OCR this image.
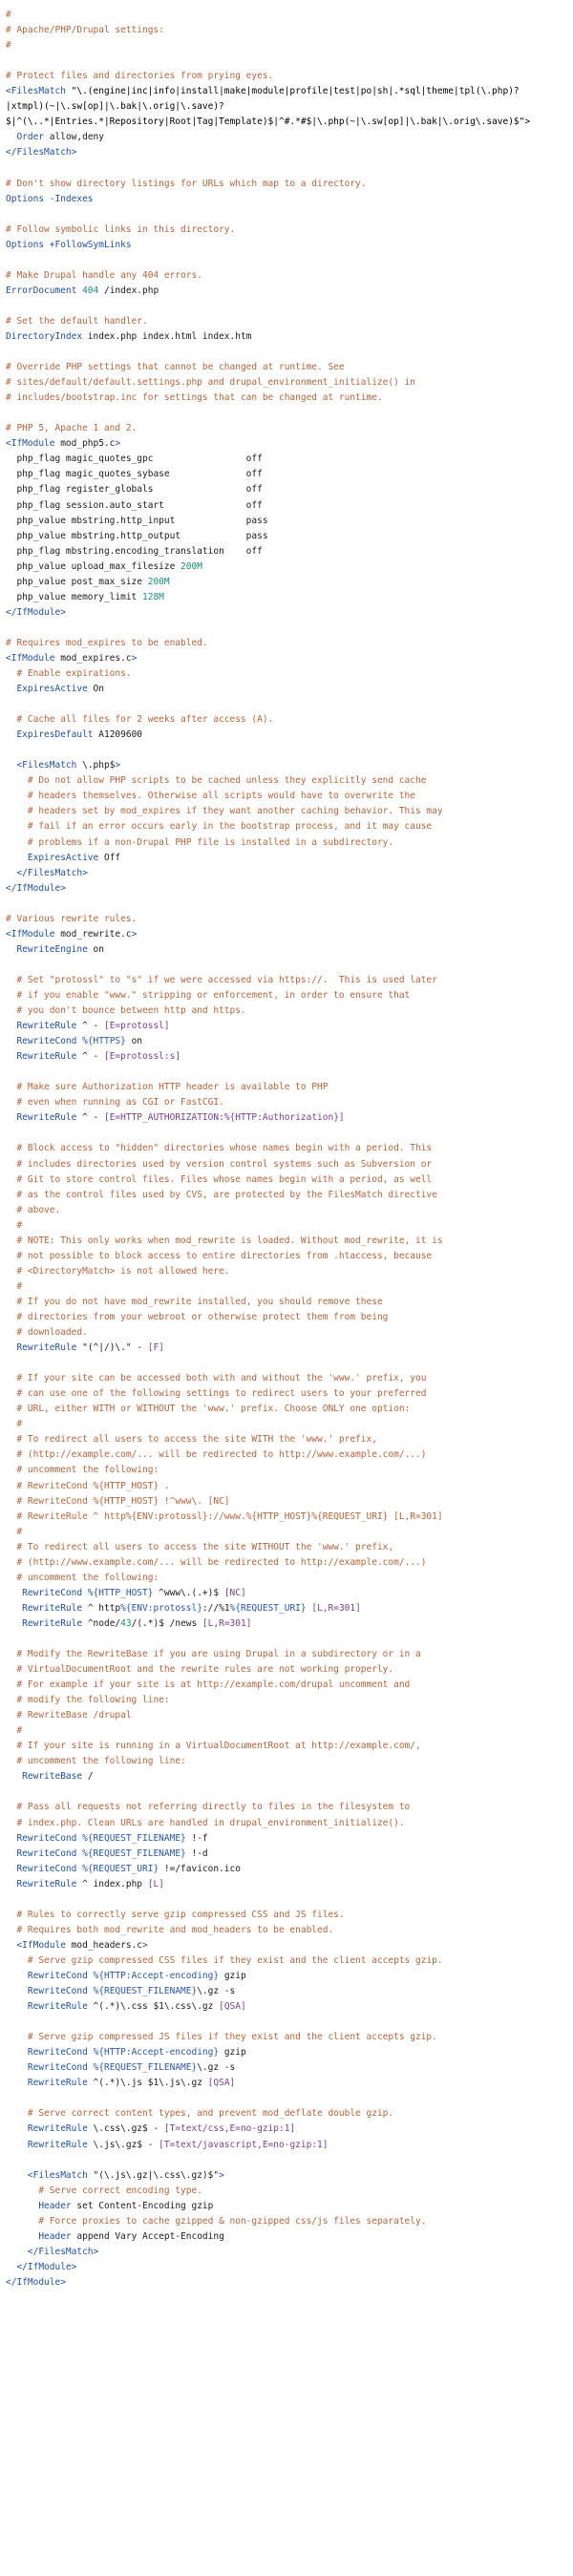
#
# Apache/PHP/Drupal settings:
#
# Protect files and directories from prying eyes.
<FilesMatch "\.(engine|inc|info|install|make|module|profile|test|po|sh|.*sql|theme|tpl(\.php)?
|xtmpl)(~|\.sw[op]|\.bak|\.orig|\.save)?
$|^(\..*|Entries.*|Repository|Root|Tag|Template)$|^#.*#$|\.php(~|\.sw[op]|\.bak|\.orig\.save)$">
Order allow,deny
</FilesMatch>
# Don't show directory listings for URLs which map to a directory.
Options -Indexes
# Follow symbolic links in this directory.
Options +FollowSymLinks
# Make Drupal handle any 404 errors.
ErrorDocument 404 /index.php
# Set the default handler.
DirectoryIndex index.php index.html index.htm
# Override PHP settings that cannot be changed at runtime. See
# sites/default/default.settings.php and drupal_environment_initialize() in
# includes/bootstrap.inc for settings that can be changed at runtime.
# PHP 5, Apache 1 and 2.
<IfModule mod_php5.c>
php_flag magic_quotes_gpc                 off
php_flag magic_quotes_sybase              off
php_flag register_globals                 off
php_flag session.auto_start               off
php_value mbstring.http_input             pass
php_value mbstring.http_output            pass
php_flag mbstring.encoding_translation    off
php_value upload_max_filesize 200M
php_value post_max_size 200M
php_value memory_limit 128M
</IfModule>
# Requires mod_expires to be enabled.
<IfModule mod_expires.c>
# Enable expirations.
ExpiresActive On
# Cache all files for 2 weeks after access (A).
ExpiresDefault A1209600
<FilesMatch \.php$>
# Do not allow PHP scripts to be cached unless they explicitly send cache
# headers themselves. Otherwise all scripts would have to overwrite the
# headers set by mod_expires if they want another caching behavior. This may
# fail if an error occurs early in the bootstrap process, and it may cause
# problems if a non-Drupal PHP file is installed in a subdirectory.
ExpiresActive Off
</FilesMatch>
</IfModule>
# Various rewrite rules.
<IfModule mod_rewrite.c>
RewriteEngine on
# Set "protossl" to "s" if we were accessed via https://.  This is used later
# if you enable "www." stripping or enforcement, in order to ensure that
# you don't bounce between http and https.
RewriteRule ^ - [E=protossl]
RewriteCond %{HTTPS} on
RewriteRule ^ - [E=protossl:s]
# Make sure Authorization HTTP header is available to PHP
# even when running as CGI or FastCGI.
RewriteRule ^ - [E=HTTP_AUTHORIZATION:%{HTTP:Authorization}]
# Block access to "hidden" directories whose names begin with a period. This
# includes directories used by version control systems such as Subversion or
# Git to store control files. Files whose names begin with a period, as well
# as the control files used by CVS, are protected by the FilesMatch directive
# above.
#
# NOTE: This only works when mod_rewrite is loaded. Without mod_rewrite, it is
# not possible to block access to entire directories from .htaccess, because
# <DirectoryMatch> is not allowed here.
#
# If you do not have mod_rewrite installed, you should remove these
# directories from your webroot or otherwise protect them from being
# downloaded.
RewriteRule "(^|/)\." - [F]
# If your site can be accessed both with and without the 'www.' prefix, you
# can use one of the following settings to redirect users to your preferred
# URL, either WITH or WITHOUT the 'www.' prefix. Choose ONLY one option:
#
# To redirect all users to access the site WITH the 'www.' prefix,
# (http://example.com/... will be redirected to http://www.example.com/...)
# uncomment the following:
# RewriteCond %{HTTP_HOST} .
# RewriteCond %{HTTP_HOST} !^www\. [NC]
# RewriteRule ^ http%{ENV:protossl}://www.%{HTTP_HOST}%{REQUEST_URI} [L,R=301]
#
# To redirect all users to access the site WITHOUT the 'www.' prefix,
# (http://www.example.com/... will be redirected to http://example.com/...)
# uncomment the following:
RewriteCond %{HTTP_HOST} ^www\.(.+)$ [NC]
RewriteRule ^ http%{ENV:protossl}://%1%{REQUEST_URI} [L,R=301]
RewriteRule ^node/43/(.*)$ /news [L,R=301]
# Modify the RewriteBase if you are using Drupal in a subdirectory or in a
# VirtualDocumentRoot and the rewrite rules are not working properly.
# For example if your site is at http://example.com/drupal uncomment and
# modify the following line:
# RewriteBase /drupal
#
# If your site is running in a VirtualDocumentRoot at http://example.com/,
# uncomment the following line:
RewriteBase /
# Pass all requests not referring directly to files in the filesystem to
# index.php. Clean URLs are handled in drupal_environment_initialize().
RewriteCond %{REQUEST_FILENAME} !-f
RewriteCond %{REQUEST_FILENAME} !-d
RewriteCond %{REQUEST_URI} !=/favicon.ico
RewriteRule ^ index.php [L]
# Rules to correctly serve gzip compressed CSS and JS files.
# Requires both mod_rewrite and mod_headers to be enabled.
<IfModule mod_headers.c>
# Serve gzip compressed CSS files if they exist and the client accepts gzip.
RewriteCond %{HTTP:Accept-encoding} gzip
RewriteCond %{REQUEST_FILENAME}\.gz -s
RewriteRule ^(.*)\.css $1\.css\.gz [QSA]
# Serve gzip compressed JS files if they exist and the client accepts gzip.
RewriteCond %{HTTP:Accept-encoding} gzip
RewriteCond %{REQUEST_FILENAME}\.gz -s
RewriteRule ^(.*)\.js $1\.js\.gz [QSA]
# Serve correct content types, and prevent mod_deflate double gzip.
RewriteRule \.css\.gz$ - [T=text/css,E=no-gzip:1]
RewriteRule \.js\.gz$ - [T=text/javascript,E=no-gzip:1]
<FilesMatch "(\.js\.gz|\.css\.gz)$">
# Serve correct encoding type.
Header set Content-Encoding gzip
# Force proxies to cache gzipped & non-gzipped css/js files separately.
Header append Vary Accept-Encoding
</FilesMatch>
</IfModule>
</IfModule>
